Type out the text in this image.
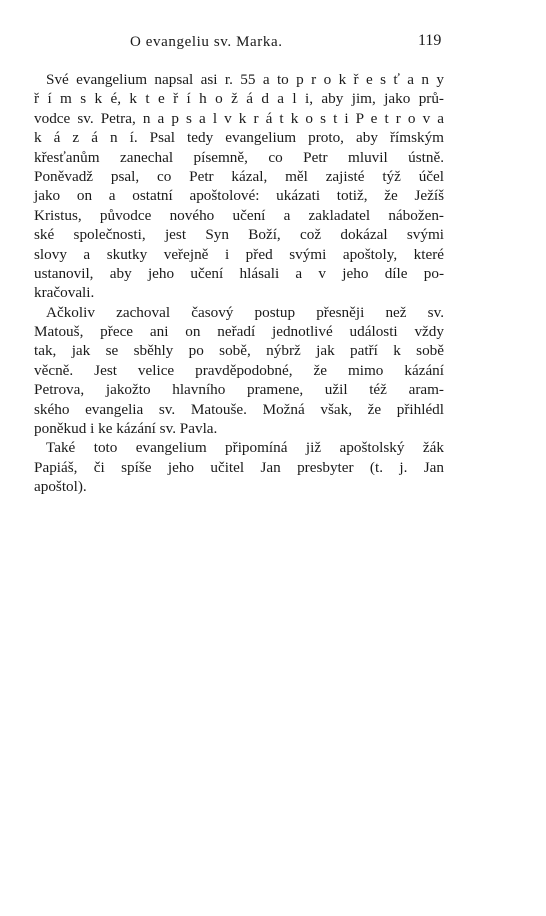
O evangeliu sv. Marka.	119
Své evangelium napsal asi r. 55 a to p r o k ř e s ť a n y
ř í m s k é, k t e ř í h o ž á d a l i, aby jim, jako prů-
vodce sv. Petra, n a p s a l v k r á t k o s t i P e t r o v a
k á z á n í. Psal tedy evangelium proto, aby římským
křesťanům zanechal písemně, co Petr mluvil ústně.
Poněvadž psal, co Petr kázal, měl zajisté týž účel
jako on a ostatní apoštolové: ukázati totiž, že Ježíš
Kristus, původce nového učení a zakladatel nábožen-
ské společnosti, jest Syn Boží, což dokázal svými
slovy a skutky veřejně i před svými apoštoly, které
ustanovil, aby jeho učení hlásali a v jeho díle po-
kračovali.
Ačkoliv zachoval časový postup přesněji než sv.
Matouš, přece ani on neřadí jednotlivé události vždy
tak, jak se sběhly po sobě, nýbrž jak patří k sobě
věcně. Jest velice pravděpodobné, že mimo kázání
Petrova, jakožto hlavního pramene, užil též aram-
ského evangelia sv. Matouše. Možná však, že přihlédl
poněkud i ke kázání sv. Pavla.
Také toto evangelium připomíná již apoštolský žák
Papiáš, či spíše jeho učitel Jan presbyter (t. j. Jan
apoštol).
